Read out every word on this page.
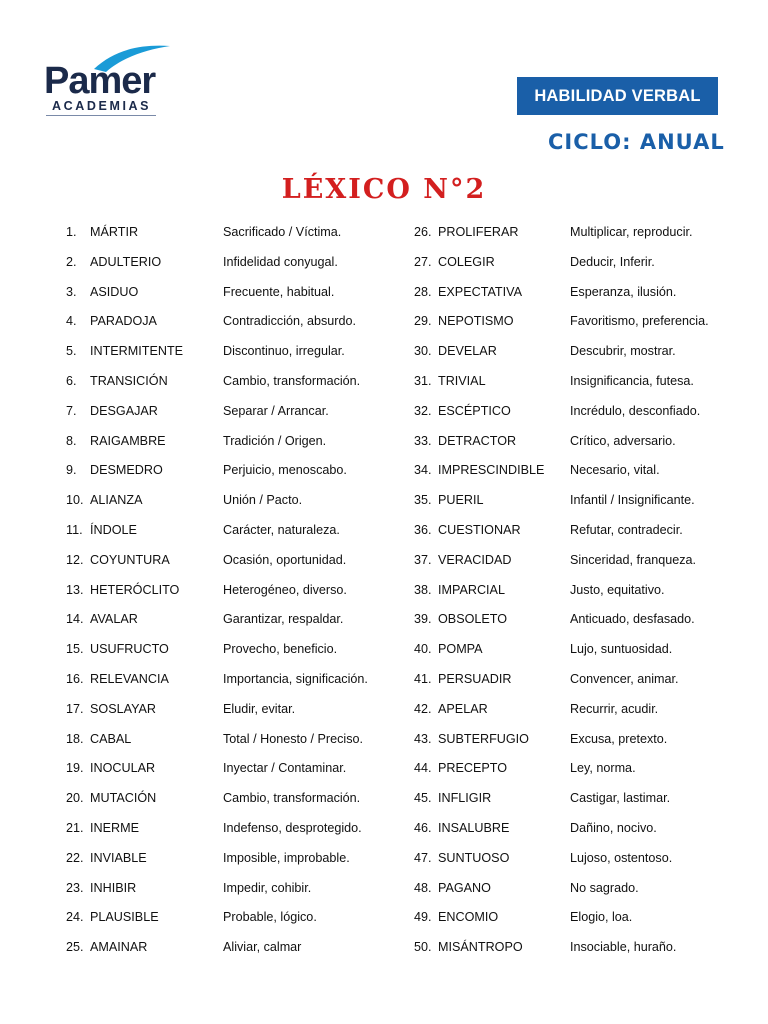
Pamer
ACADEMIAS
HABILIDAD VERBAL
CICLO: ANUAL
LÉXICO N°2
1. MÁRTIR	Sacrificado / Víctima.
2. ADULTERIO	Infidelidad conyugal.
3. ASIDUO	Frecuente, habitual.
4. PARADOJA	Contradicción, absurdo.
5. INTERMITENTE	Discontinuo, irregular.
6. TRANSICIÓN	Cambio, transformación.
7. DESGAJAR	Separar / Arrancar.
8. RAIGAMBRE	Tradición / Origen.
9. DESMEDRO	Perjuicio, menoscabo.
10. ALIANZA	Unión / Pacto.
11. ÍNDOLE	Carácter, naturaleza.
12. COYUNTURA	Ocasión, oportunidad.
13. HETERÓCLITO	Heterogéneo, diverso.
14. AVALAR	Garantizar, respaldar.
15. USUFRUCTO	Provecho, beneficio.
16. RELEVANCIA	Importancia, significación.
17. SOSLAYAR	Eludir, evitar.
18. CABAL	Total / Honesto / Preciso.
19. INOCULAR	Inyectar / Contaminar.
20. MUTACIÓN	Cambio, transformación.
21. INERME	Indefenso, desprotegido.
22. INVIABLE	Imposible, improbable.
23. INHIBIR	Impedir, cohibir.
24. PLAUSIBLE	Probable, lógico.
25. AMAINAR	Aliviar, calmar
26. PROLIFERAR	Multiplicar, reproducir.
27. COLEGIR	Deducir, Inferir.
28. EXPECTATIVA	Esperanza, ilusión.
29. NEPOTISMO	Favoritismo, preferencia.
30. DEVELAR	Descubrir, mostrar.
31. TRIVIAL	Insignificancia, futesa.
32. ESCÉPTICO	Incrédulo, desconfiado.
33. DETRACTOR	Crítico, adversario.
34. IMPRESCINDIBLE Necesario, vital.
35. PUERIL	Infantil / Insignificante.
36. CUESTIONAR	Refutar, contradecir.
37. VERACIDAD	Sinceridad, franqueza.
38. IMPARCIAL	Justo, equitativo.
39. OBSOLETO	Anticuado, desfasado.
40. POMPA	Lujo, suntuosidad.
41. PERSUADIR	Convencer, animar.
42. APELAR	Recurrir, acudir.
43. SUBTERFUGIO	Excusa, pretexto.
44. PRECEPTO	Ley, norma.
45. INFLIGIR	Castigar, lastimar.
46. INSALUBRE	Dañino, nocivo.
47. SUNTUOSO	Lujoso, ostentoso.
48. PAGANO	No sagrado.
49. ENCOMIO	Elogio, loa.
50. MISÁNTROPO	Insociable, huraño.
